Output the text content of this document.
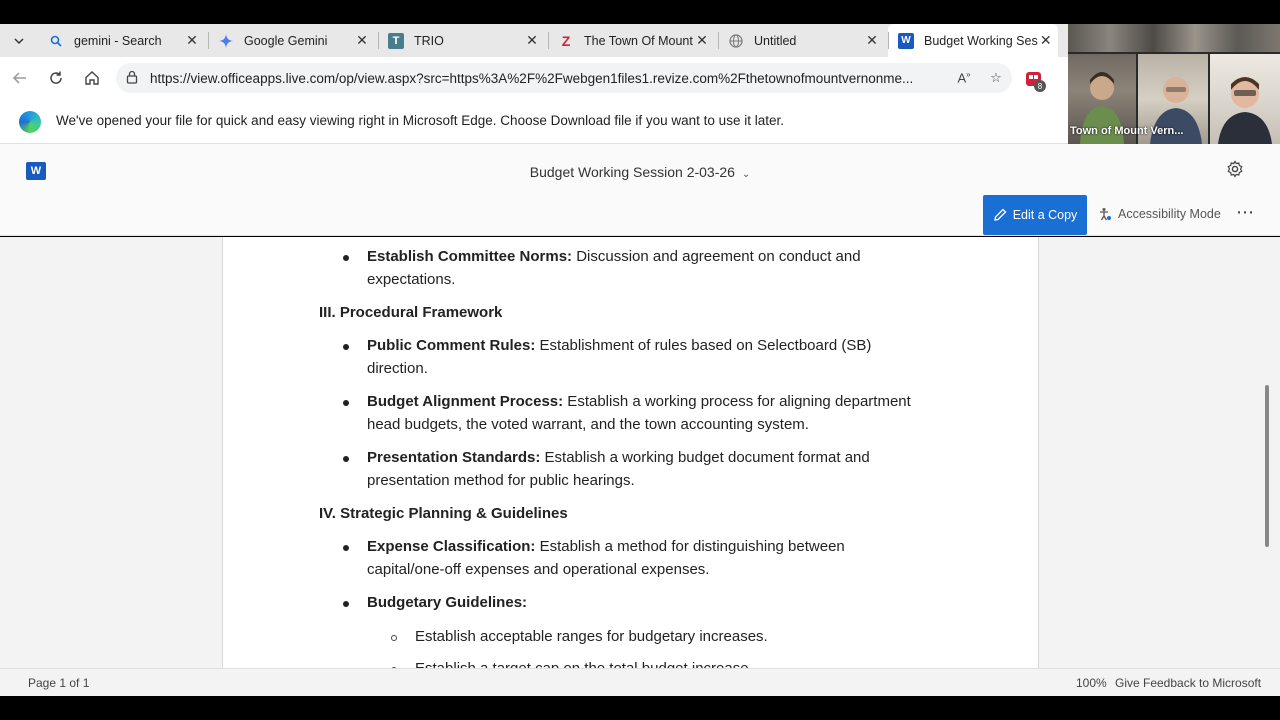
gemini - Search	✕	Google Gemini	✕	T	TRIO	✕ Z The Town Of Mount ✕	Untitled	✕	W Budget Working Ses ✕
https://view.officeapps.live.com/op/view.aspx?src=https%3A%2F%2Fwebgen1files1.revize.com%2Fthetownofmountvernonme...	A»	☆
8
Town of Mount Vern...
We've opened your file for quick and easy viewing right in Microsoft Edge. Choose Download file if you want to use it later.
W	Budget Working Session 2-03-26 ⌄
Edit a Copy	Accessibility Mode ⋯
Establish Committee Norms: Discussion and agreement on conduct and
expectations.
III. Procedural Framework
Public Comment Rules: Establishment of rules based on Selectboard (SB)
direction.
Budget Alignment Process: Establish a working process for aligning department
head budgets, the voted warrant, and the town accounting system.
Presentation Standards: Establish a working budget document format and
presentation method for public hearings.
IV. Strategic Planning & Guidelines
Expense Classification: Establish a method for distinguishing between
capital/one-off expenses and operational expenses.
Budgetary Guidelines:
Establish acceptable ranges for budgetary increases.
Page 1 of 1	100% Give Feedback to Microsoft
